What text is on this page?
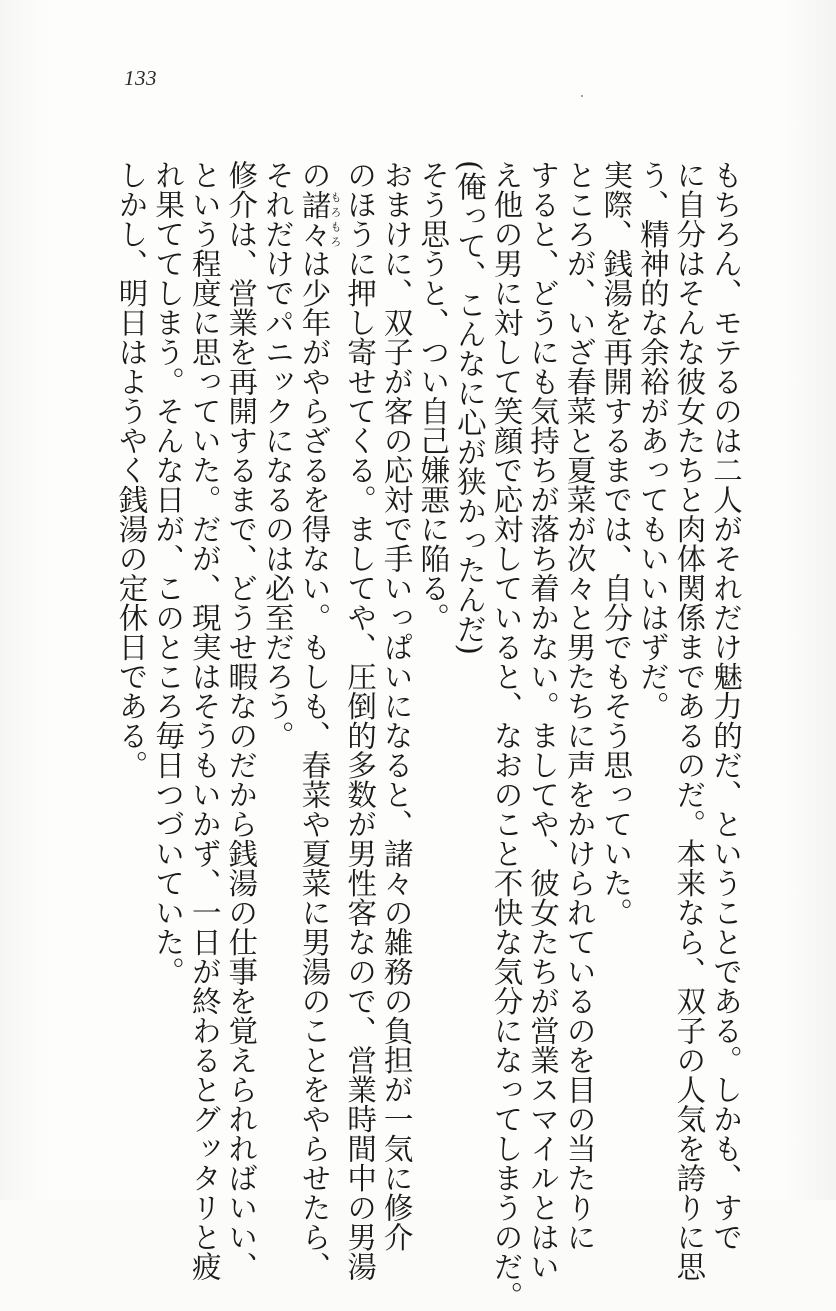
133

もちろん、モテるのは二人がそれだけ魅力的だ、ということである。しかも、すで

に自分はそんな彼女たちと肉体関係まであるのだ。本来なら、双子の人気を誇りに思

う、精神的な余裕があってもいいはずだ。

実際、銭湯を再開するまでは、自分でもそう思っていた。

ところが、いざ春菜と夏菜が次々と男たちに声をかけられているのを目の当たりに

すると、どうにも気持ちが落ち着かない。ましてや、彼女たちが営業スマイルとはい

え他の男に対して笑顔で応対していると、なおのこと不快な気分になってしまうのだ。

(俺って、こんなに心が狭かったんだ)

そう思うと、つい自己嫌悪に陥る。

おまけに、双子が客の応対で手いっぱいになると、諸々の雑務の負担が一気に修介

のほうに押し寄せてくる。ましてや、圧倒的多数が男性客なので、営業時間中の男湯

の諸々もろもろは少年がやらざるを得ない。もしも、春菜や夏菜に男湯のことをやらせたら、

それだけでパニックになるのは必至だろう。

修介は、営業を再開するまで、どうせ暇なのだから銭湯の仕事を覚えられればいい、

という程度に思っていた。だが、現実はそうもいかず、一日が終わるとグッタリと疲

れ果ててしまう。そんな日が、このところ毎日つづいていた。

しかし、明日はようやく銭湯の定休日である。
